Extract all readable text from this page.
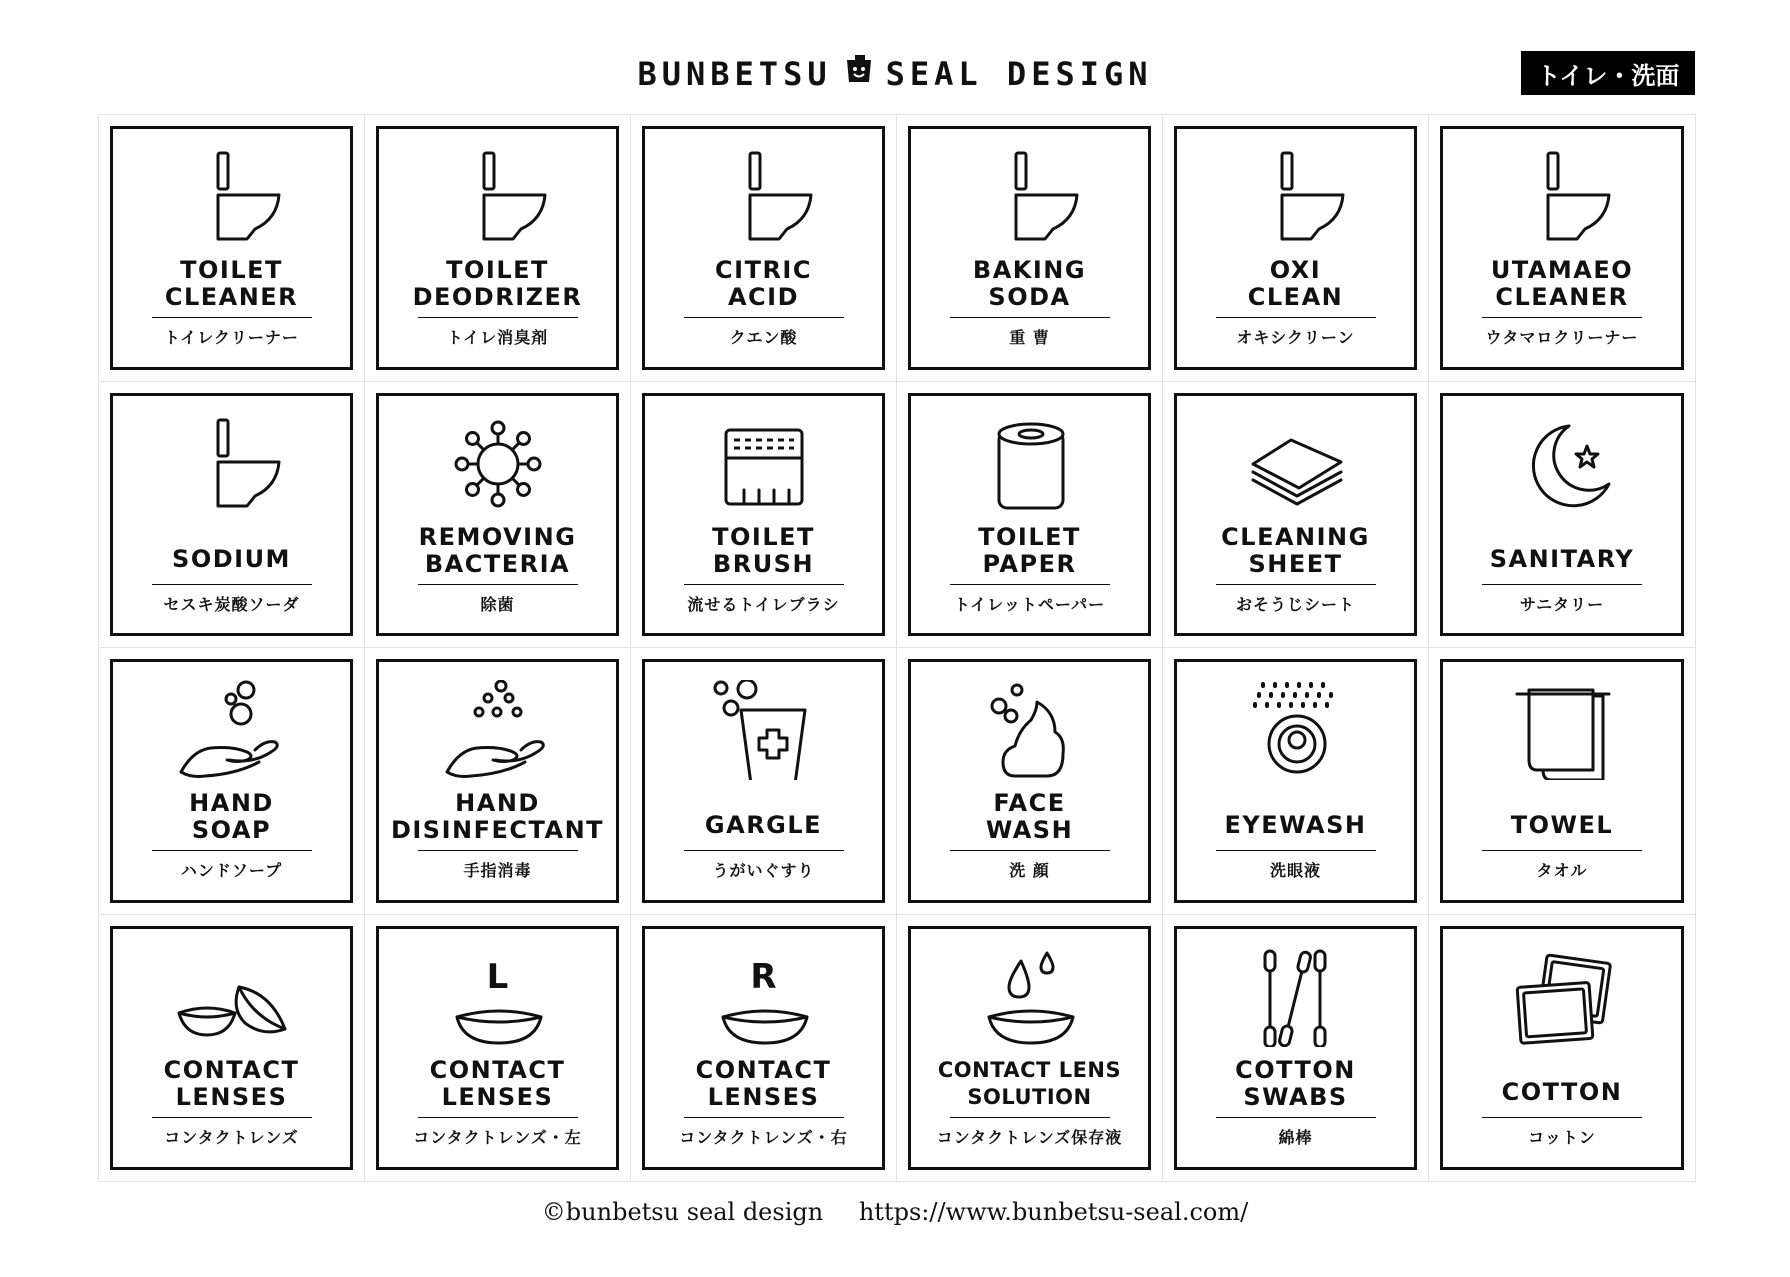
BUNBETSU SEAL DESIGN	トイレ・洗面
TOILET
CLEANER
トイレクリーナー
TOILET
DEODRIZER
トイレ消臭剤
CITRIC
ACID
クエン酸
BAKING
SODA
重 曹
OXI
CLEAN
オキシクリーン
UTAMAEO
CLEANER
ウタマロクリーナー
SODIUM
セスキ炭酸ソーダ
REMOVING
BACTERIA
除菌
TOILET
BRUSH
流せるトイレブラシ
TOILET
PAPER
トイレットペーパー
CLEANING
SHEET
おそうじシート
SANITARY
サニタリー
HAND
SOAP
ハンドソープ
HAND
DISINFECTANT
手指消毒
GARGLE
うがいぐすり
FACE
WASH
洗 顔
EYEWASH
洗眼液
TOWEL
タオル
CONTACT
LENSES
コンタクトレンズ
L
CONTACT
LENSES
コンタクトレンズ・左
R
CONTACT
LENSES
コンタクトレンズ・右
CONTACT LENS
SOLUTION
コンタクトレンズ保存液
COTTON
SWABS
綿棒
COTTON
コットン
©bunbetsu seal design https://www.bunbetsu-seal.com/
